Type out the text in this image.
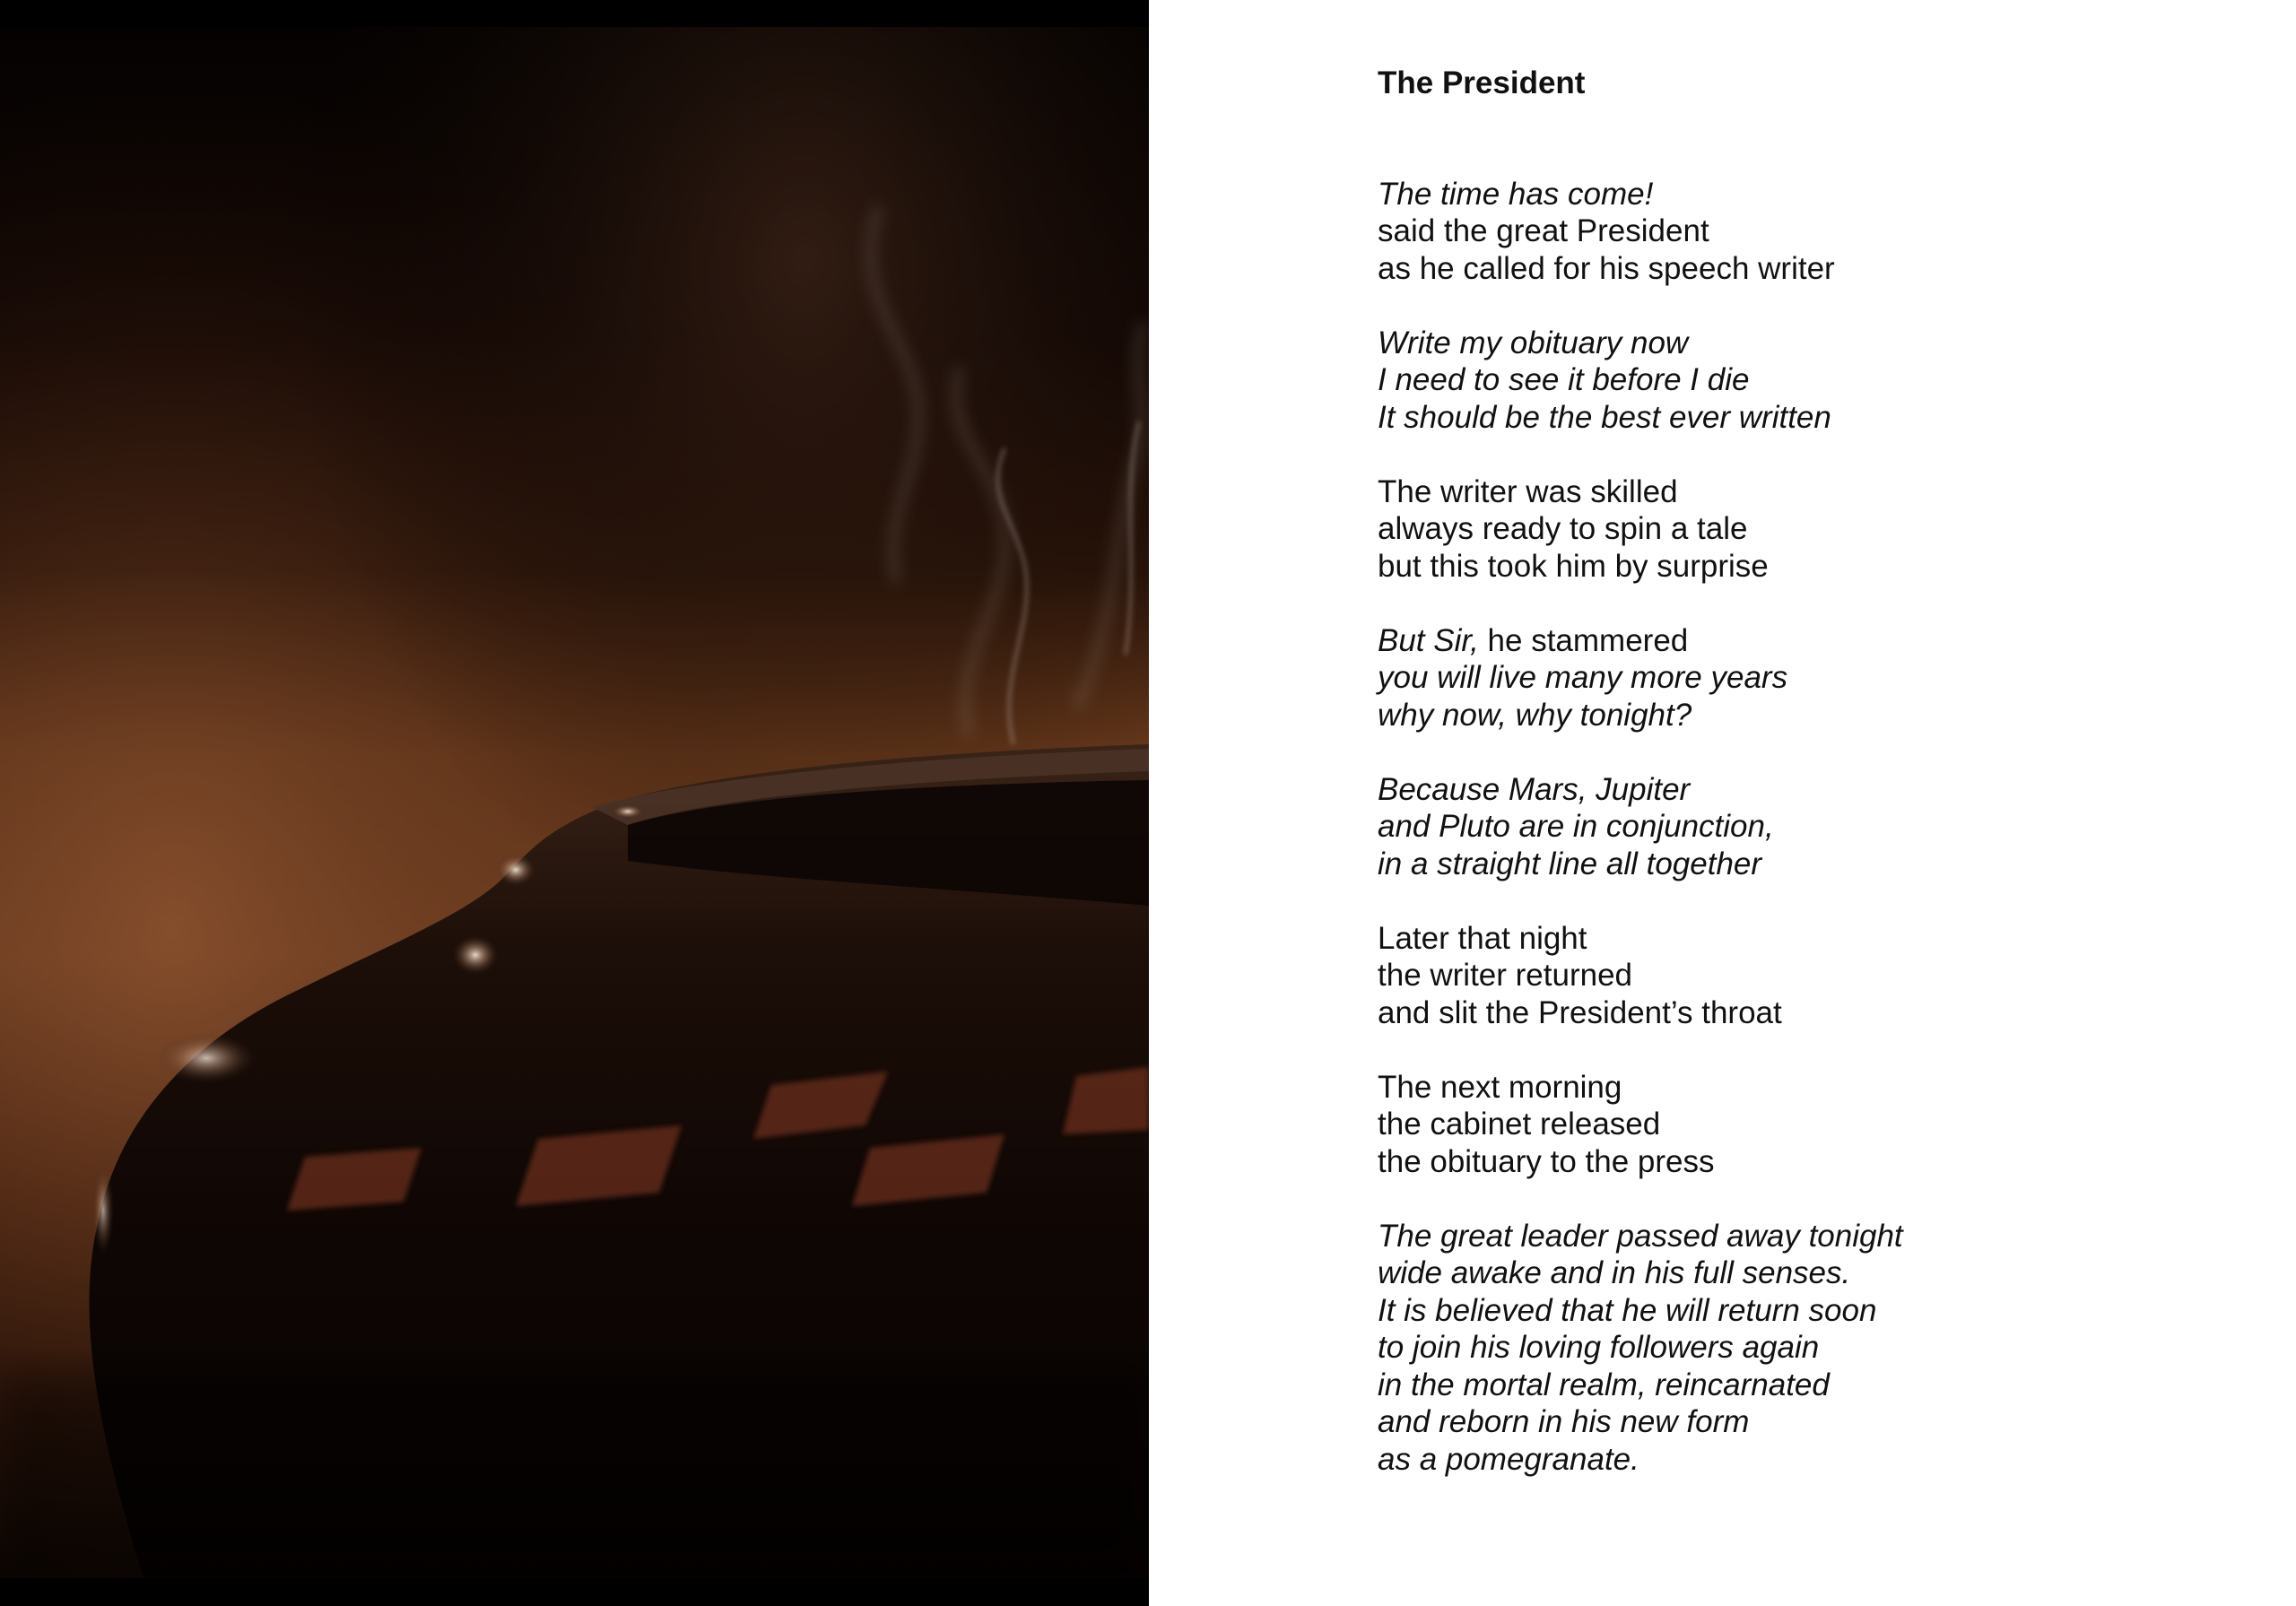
The President
The time has come!
said the great President
as he called for his speech writer
Write my obituary now
I need to see it before I die
It should be the best ever written
The writer was skilled
always ready to spin a tale
but this took him by surprise
But Sir, he stammered
you will live many more years
why now, why tonight?
Because Mars, Jupiter
and Pluto are in conjunction,
in a straight line all together
Later that night
the writer returned
and slit the President’s throat
The next morning
the cabinet released
the obituary to the press
The great leader passed away tonight
wide awake and in his full senses.
It is believed that he will return soon
to join his loving followers again
in the mortal realm, reincarnated
and reborn in his new form
as a pomegranate.
